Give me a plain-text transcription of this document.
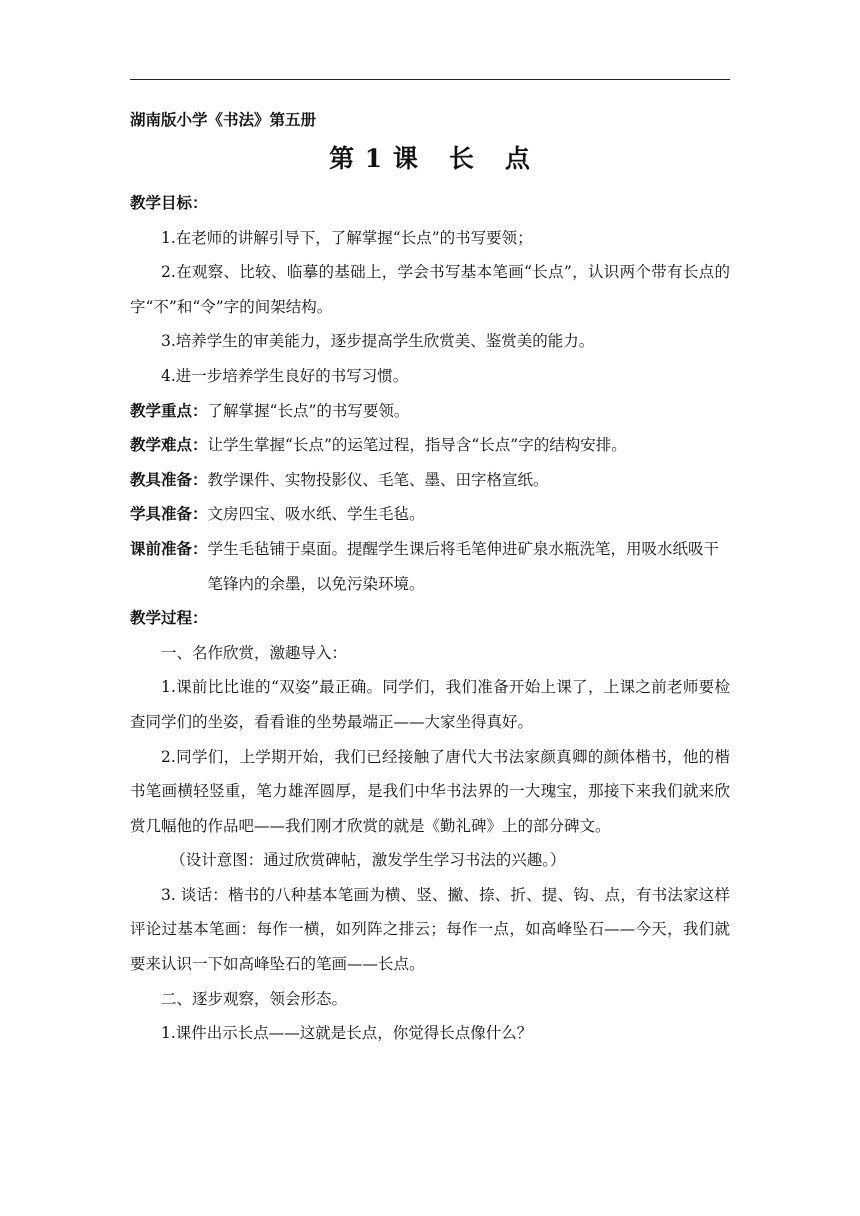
湖南版小学《书法》第五册
第 1 课 长 点
教学目标：
1.在老师的讲解引导下，了解掌握“长点”的书写要领；
2.在观察、比较、临摹的基础上，学会书写基本笔画“长点”，认识两个带有长点的字“不”和“令”字的间架结构。
3.培养学生的审美能力，逐步提高学生欣赏美、鉴赏美的能力。
4.进一步培养学生良好的书写习惯。
教学重点： 了解掌握“长点”的书写要领。
教学难点： 让学生掌握“长点”的运笔过程，指导含“长点”字的结构安排。
教具准备： 教学课件、实物投影仪、毛笔、墨、田字格宣纸。
学具准备： 文房四宝、吸水纸、学生毛毡。
课前准备： 学生毛毡铺于桌面。提醒学生课后将毛笔伸进矿泉水瓶洗笔，用吸水纸吸干笔锋内的余墨，以免污染环境。
教学过程：
一、名作欣赏，激趣导入：
1.课前比比谁的“双姿”最正确。同学们，我们准备开始上课了，上课之前老师要检查同学们的坐姿，看看谁的坐势最端正——大家坐得真好。
2.同学们，上学期开始，我们已经接触了唐代大书法家颜真卿的颜体楷书，他的楷书笔画横轻竖重，笔力雄浑圆厚，是我们中华书法界的一大瑰宝，那接下来我们就来欣赏几幅他的作品吧——我们刚才欣赏的就是《勤礼碑》上的部分碑文。
（设计意图：通过欣赏碑帖，激发学生学习书法的兴趣。）
3. 谈话：楷书的八种基本笔画为横、竖、撇、捺、折、提、钩、点，有书法家这样评论过基本笔画：每作一横，如列阵之排云；每作一点，如高峰坠石——今天，我们就要来认识一下如高峰坠石的笔画——长点。
二、逐步观察，领会形态。
1.课件出示长点——这就是长点，你觉得长点像什么？
